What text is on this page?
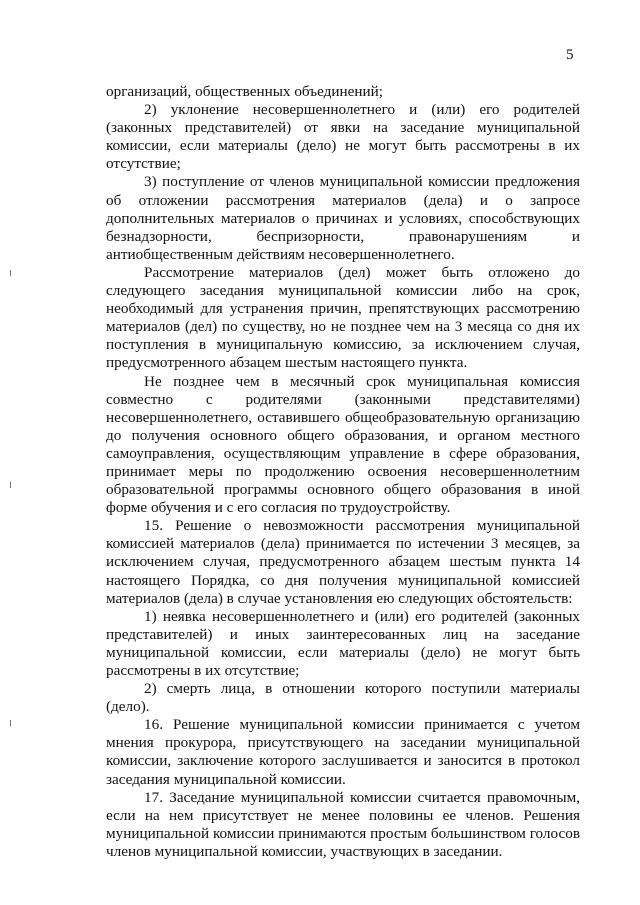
5

организаций, общественных объединений;

2) уклонение несовершеннолетнего и (или) его родителей (законных представителей) от явки на заседание муниципальной комиссии, если материалы (дело) не могут быть рассмотрены в их отсутствие;

3) поступление от членов муниципальной комиссии предложения об отложении рассмотрения материалов (дела) и о запросе дополнительных материалов о причинах и условиях, способствующих безнадзорности, беспризорности, правонарушениям и антиобщественным действиям несовершеннолетнего.

Рассмотрение материалов (дел) может быть отложено до следующего заседания муниципальной комиссии либо на срок, необходимый для устранения причин, препятствующих рассмотрению материалов (дел) по существу, но не позднее чем на 3 месяца со дня их поступления в муниципальную комиссию, за исключением случая, предусмотренного абзацем шестым настоящего пункта.

Не позднее чем в месячный срок муниципальная комиссия совместно с родителями (законными представителями) несовершеннолетнего, оставившего общеобразовательную организацию до получения основного общего образования, и органом местного самоуправления, осуществляющим управление в сфере образования, принимает меры по продолжению освоения несовершеннолетним образовательной программы основного общего образования в иной форме обучения и с его согласия по трудоустройству.

15. Решение о невозможности рассмотрения муниципальной комиссией материалов (дела) принимается по истечении 3 месяцев, за исключением случая, предусмотренного абзацем шестым пункта 14 настоящего Порядка, со дня получения муниципальной комиссией материалов (дела) в случае установления ею следующих обстоятельств:

1) неявка несовершеннолетнего и (или) его родителей (законных представителей) и иных заинтересованных лиц на заседание муниципальной комиссии, если материалы (дело) не могут быть рассмотрены в их отсутствие;

2) смерть лица, в отношении которого поступили материалы (дело).

16. Решение муниципальной комиссии принимается с учетом мнения прокурора, присутствующего на заседании муниципальной комиссии, заключение которого заслушивается и заносится в протокол заседания муниципальной комиссии.

17. Заседание муниципальной комиссии считается правомочным, если на нем присутствует не менее половины ее членов. Решения муниципальной комиссии принимаются простым большинством голосов членов муниципальной комиссии, участвующих в заседании.
